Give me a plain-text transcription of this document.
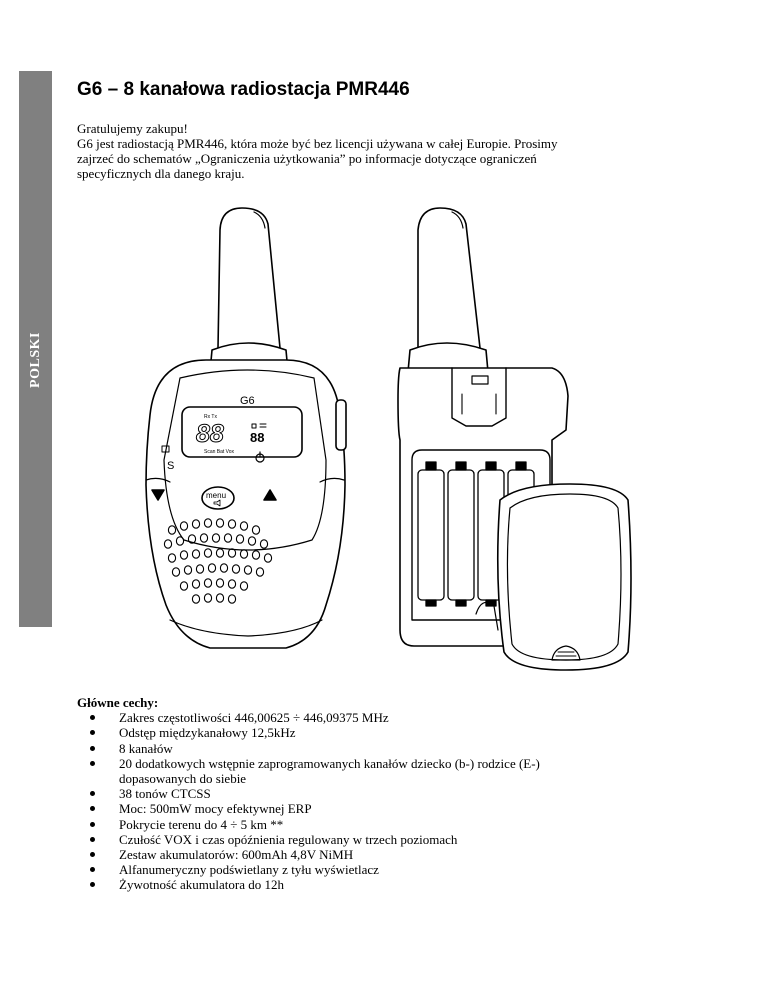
POLSKI
G6 – 8 kanałowa radiostacja PMR446

Gratulujemy zakupu!

G6 jest radiostacją PMR446, która może być bez licencji używana w całej Europie. Prosimy

zajrzeć do schematów „Ograniczenia użytkowania” po informacje dotyczące ograniczeń

specyficznych dla danego kraju.

G6
Rx Tx
88 88
Scan Bat Vox
S
menu
Główne cechy:
Zakres częstotliwości 446,00625 ÷ 446,09375 MHz
Odstęp międzykanałowy 12,5kHz
8 kanałów
20 dodatkowych wstępnie zaprogramowanych kanałów dziecko (b-) rodzice (E-)
dopasowanych do siebie
38 tonów CTCSS
Moc: 500mW mocy efektywnej ERP
Pokrycie terenu do 4 ÷ 5 km **
Czułość VOX i czas opóźnienia regulowany w trzech poziomach
Zestaw akumulatorów: 600mAh 4,8V NiMH
Alfanumeryczny podświetlany z tyłu wyświetlacz
Żywotność akumulatora do 12h
